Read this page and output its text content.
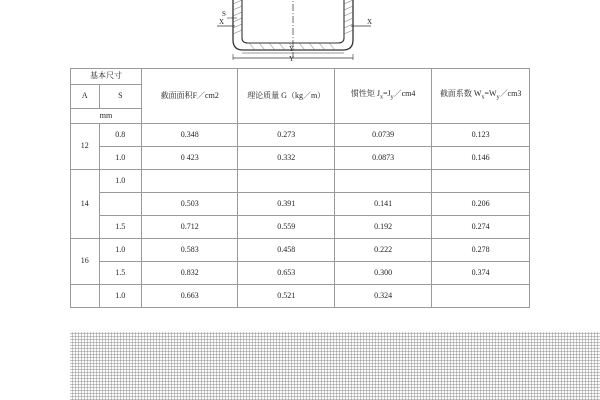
S
Y
Y
X
X
基本尺寸		截面面积F／cm2	理论质量 G（kg／m）	惯性矩 $J_x=J_y/cm4$	截面系数 $W_x=W_y/cm3$
A	S				
mm					
12	0.8	0.348	0.273	0.0739	0.123
	1.0	0 423	0.332	0.0873	0.146
14	1.0				
		0.503	0.391	0.141	0.206
	1.5	0.712	0.559	0.192	0.274
16	1.0	0.583	0.458	0.222	0.278
	1.5	0.832	0.653	0.300	0.374
	1.0	0.663	0.521	0.324	
